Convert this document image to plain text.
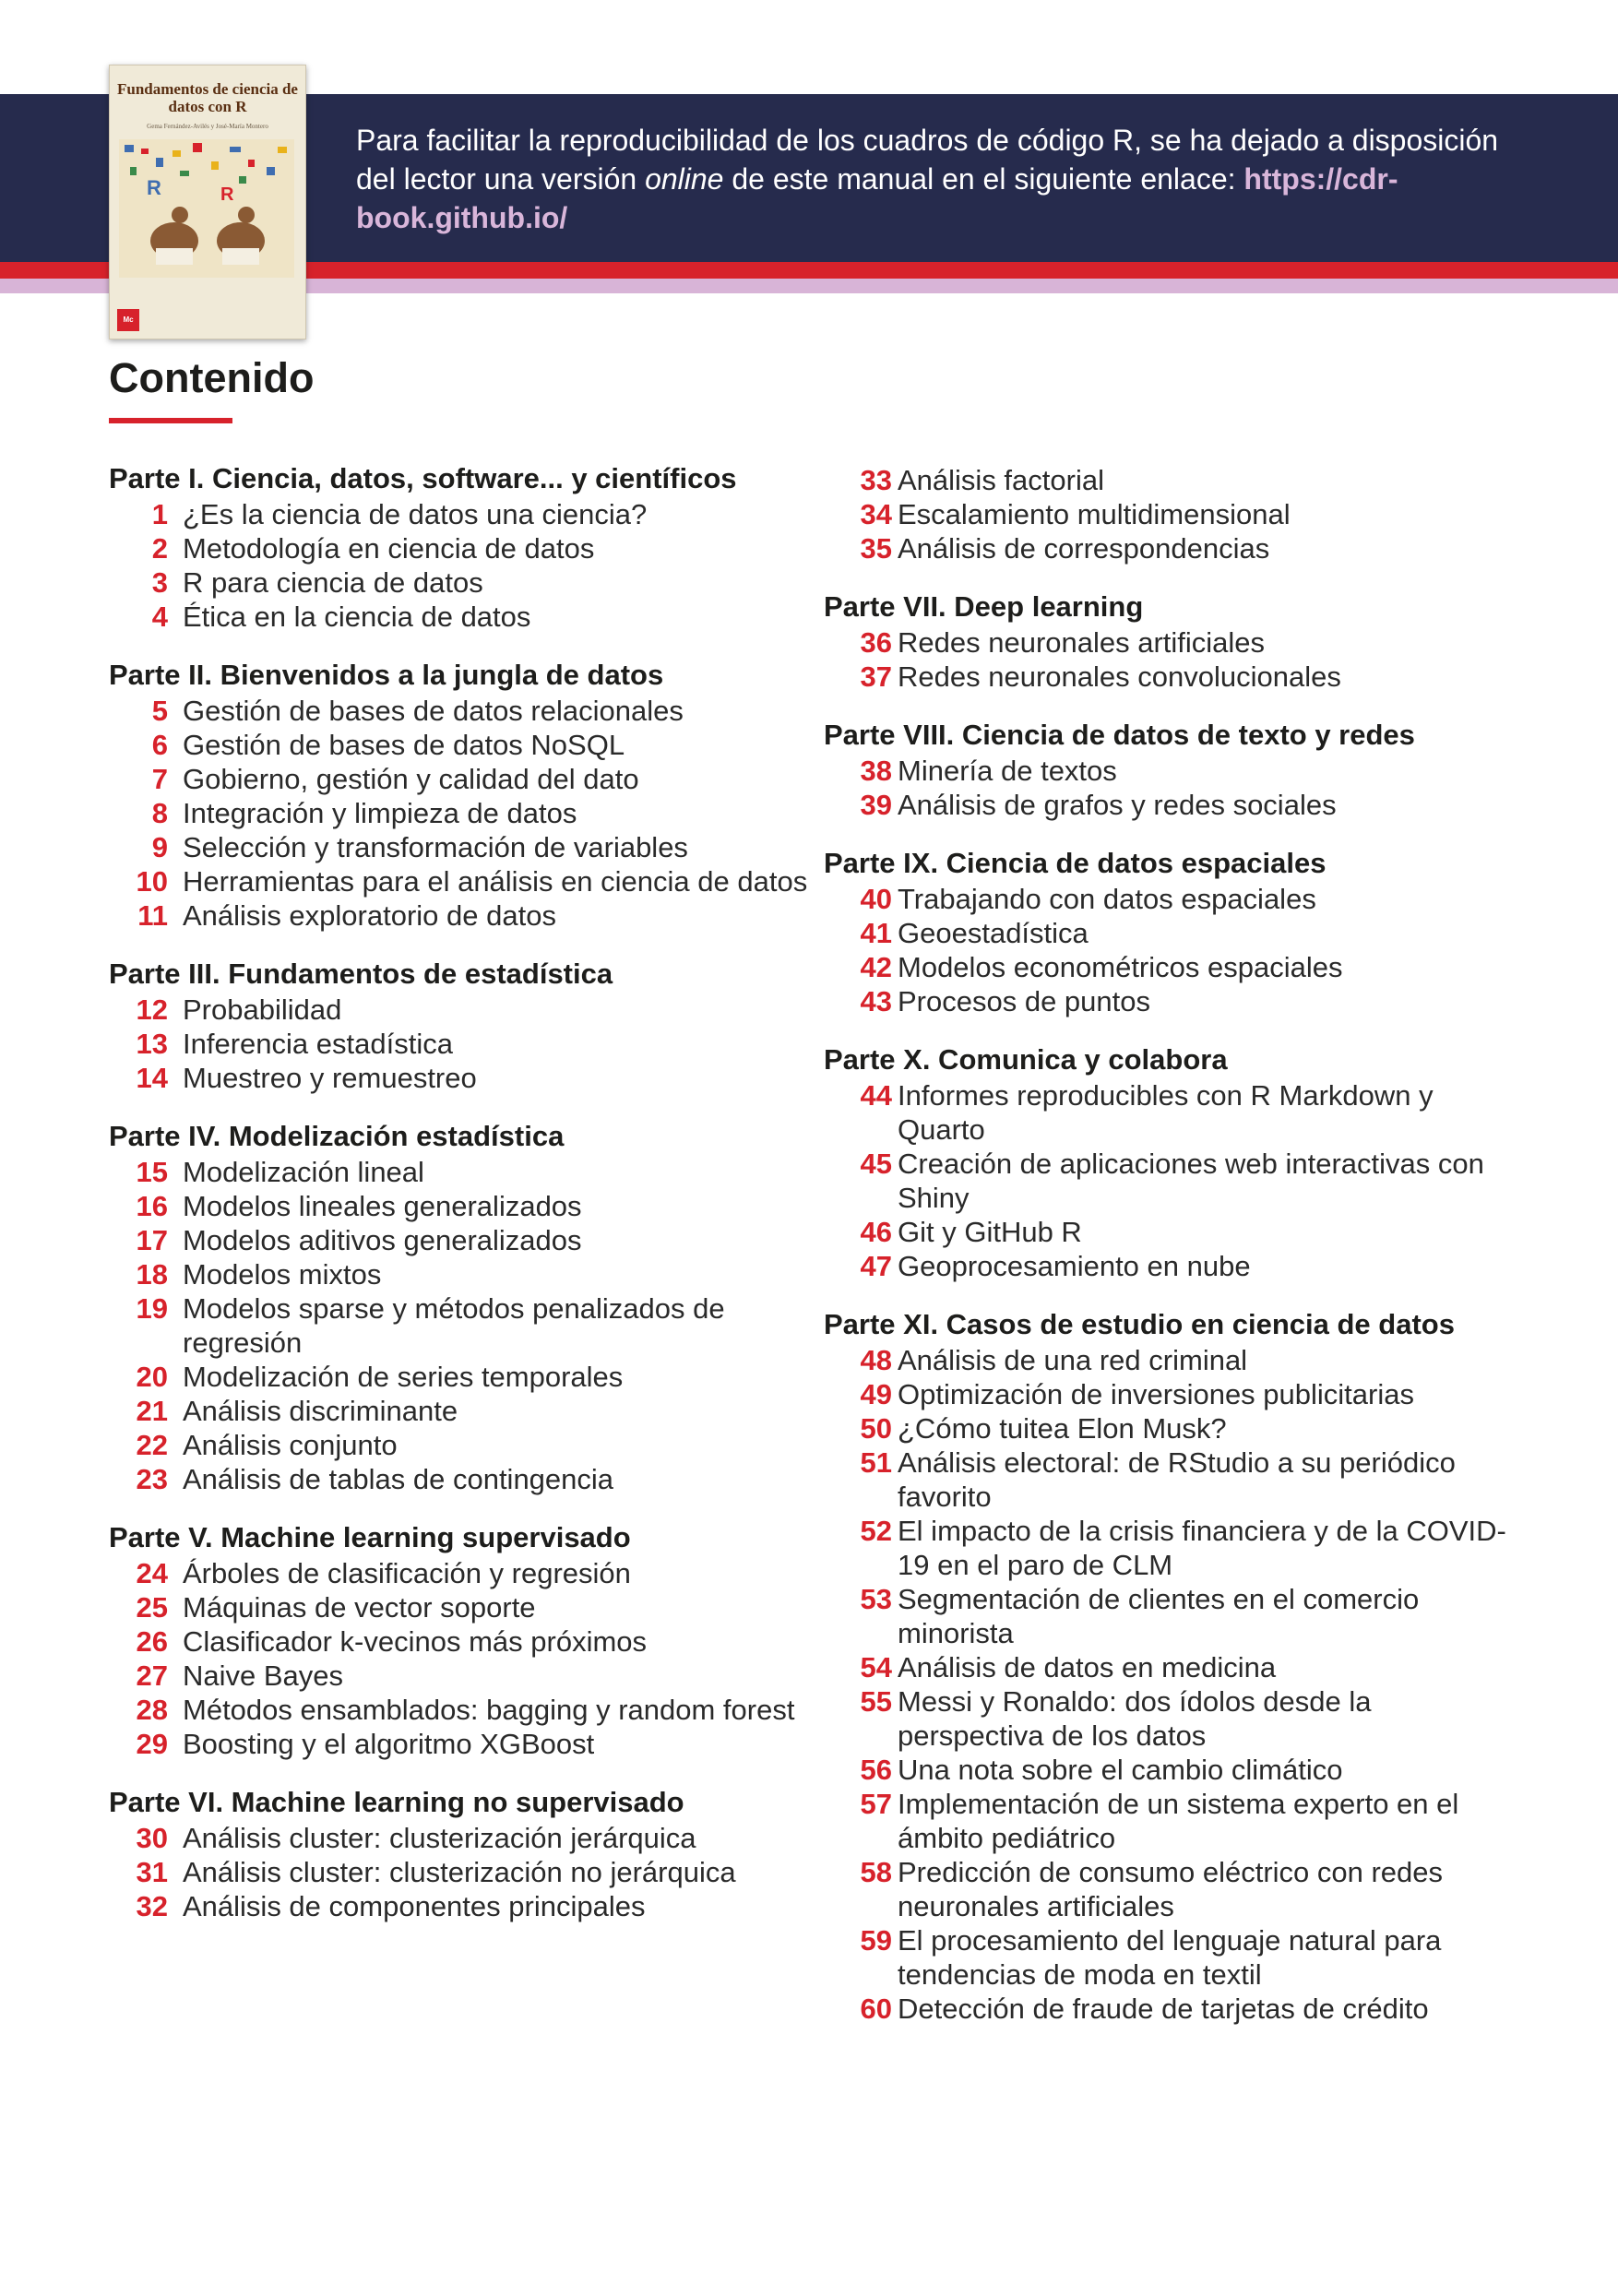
Fundamentos de ciencia de datos con R
Gema Fernández-Avilés y José-María Montero
R	R
Mc
Para facilitar la reproducibilidad de los cuadros de código R, se ha dejado a disposición del lector una versión online de este manual en el siguiente enlace: https://cdr-book.github.io/
Contenido
Parte I. Ciencia, datos, software... y científicos
1 ¿Es la ciencia de datos una ciencia?
2 Metodología en ciencia de datos
3 R para ciencia de datos
4 Ética en la ciencia de datos
Parte II. Bienvenidos a la jungla de datos
5 Gestión de bases de datos relacionales
6 Gestión de bases de datos NoSQL
7 Gobierno, gestión y calidad del dato
8 Integración y limpieza de datos
9 Selección y transformación de variables
10 Herramientas para el análisis en ciencia de datos
11 Análisis exploratorio de datos
Parte III. Fundamentos de estadística
12 Probabilidad
13 Inferencia estadística
14 Muestreo y remuestreo
Parte IV. Modelización estadística
15 Modelización lineal
16 Modelos lineales generalizados
17 Modelos aditivos generalizados
18 Modelos mixtos
19 Modelos sparse y métodos penalizados de regresión
20 Modelización de series temporales
21 Análisis discriminante
22 Análisis conjunto
23 Análisis de tablas de contingencia
Parte V. Machine learning supervisado
24 Árboles de clasificación y regresión
25 Máquinas de vector soporte
26 Clasificador k-vecinos más próximos
27 Naive Bayes
28 Métodos ensamblados: bagging y random forest
29 Boosting y el algoritmo XGBoost
Parte VI. Machine learning no supervisado
30 Análisis cluster: clusterización jerárquica
31 Análisis cluster: clusterización no jerárquica
32 Análisis de componentes principales
33 Análisis factorial
34 Escalamiento multidimensional
35 Análisis de correspondencias
Parte VII. Deep learning
36 Redes neuronales artificiales
37 Redes neuronales convolucionales
Parte VIII. Ciencia de datos de texto y redes
38 Minería de textos
39 Análisis de grafos y redes sociales
Parte IX. Ciencia de datos espaciales
40 Trabajando con datos espaciales
41 Geoestadística
42 Modelos econométricos espaciales
43 Procesos de puntos
Parte X. Comunica y colabora
44 Informes reproducibles con R Markdown y Quarto
45 Creación de aplicaciones web interactivas con Shiny
46 Git y GitHub R
47 Geoprocesamiento en nube
Parte XI. Casos de estudio en ciencia de datos
48 Análisis de una red criminal
49 Optimización de inversiones publicitarias
50 ¿Cómo tuitea Elon Musk?
51 Análisis electoral: de RStudio a su periódico favorito
52 El impacto de la crisis financiera y de la COVID-19 en el paro de CLM
53 Segmentación de clientes en el comercio minorista
54 Análisis de datos en medicina
55 Messi y Ronaldo: dos ídolos desde la perspectiva de los datos
56 Una nota sobre el cambio climático
57 Implementación de un sistema experto en el ámbito pediátrico
58 Predicción de consumo eléctrico con redes neuronales artificiales
59 El procesamiento del lenguaje natural para tendencias de moda en textil
60 Detección de fraude de tarjetas de crédito
